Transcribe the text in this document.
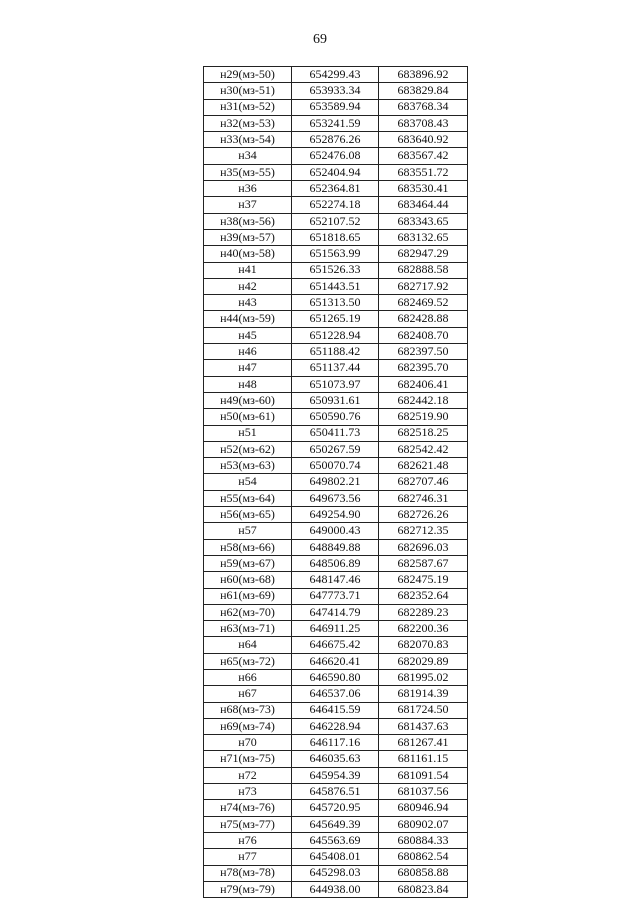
69
н29(мз-50)	654299.43	683896.92
н30(мз-51)	653933.34	683829.84
н31(мз-52)	653589.94	683768.34
н32(мз-53)	653241.59	683708.43
н33(мз-54)	652876.26	683640.92
н34	652476.08	683567.42
н35(мз-55)	652404.94	683551.72
н36	652364.81	683530.41
н37	652274.18	683464.44
н38(мз-56)	652107.52	683343.65
н39(мз-57)	651818.65	683132.65
н40(мз-58)	651563.99	682947.29
н41	651526.33	682888.58
н42	651443.51	682717.92
н43	651313.50	682469.52
н44(мз-59)	651265.19	682428.88
н45	651228.94	682408.70
н46	651188.42	682397.50
н47	651137.44	682395.70
н48	651073.97	682406.41
н49(мз-60)	650931.61	682442.18
н50(мз-61)	650590.76	682519.90
н51	650411.73	682518.25
н52(мз-62)	650267.59	682542.42
н53(мз-63)	650070.74	682621.48
н54	649802.21	682707.46
н55(мз-64)	649673.56	682746.31
н56(мз-65)	649254.90	682726.26
н57	649000.43	682712.35
н58(мз-66)	648849.88	682696.03
н59(мз-67)	648506.89	682587.67
н60(мз-68)	648147.46	682475.19
н61(мз-69)	647773.71	682352.64
н62(мз-70)	647414.79	682289.23
н63(мз-71)	646911.25	682200.36
н64	646675.42	682070.83
н65(мз-72)	646620.41	682029.89
н66	646590.80	681995.02
н67	646537.06	681914.39
н68(мз-73)	646415.59	681724.50
н69(мз-74)	646228.94	681437.63
н70	646117.16	681267.41
н71(мз-75)	646035.63	681161.15
н72	645954.39	681091.54
н73	645876.51	681037.56
н74(мз-76)	645720.95	680946.94
н75(мз-77)	645649.39	680902.07
н76	645563.69	680884.33
н77	645408.01	680862.54
н78(мз-78)	645298.03	680858.88
н79(мз-79)	644938.00	680823.84
